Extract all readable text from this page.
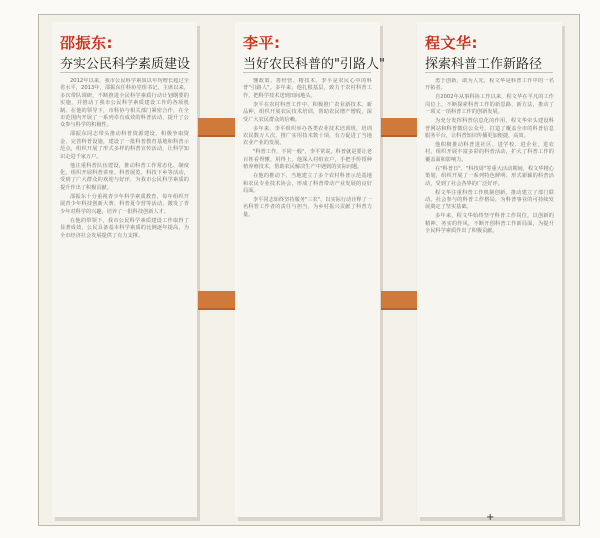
邵振东:
夯实公民科学素质建设

2012年以来，我市公民科学素质以年均增长超过全省水平，2013年，邵振东任科协党组书记，主席以来，多次带队调研，不断推进全民科学素质行动计划纲要的实施，并推动了我市公民科学素质建设工作的各项机制。在他的领导下，市科协与相关部门紧密合作，在全市范围内开展了一系列卓有成效的科普活动，提升了公众参与科学的积极性。

邵振东同志带头推动科普资源建设，积极争取资金，完善科普设施，建设了一批科普教育基地和科普示范点，组织开展了形式多样的科普宣传活动，让科学知识走进千家万户。

他注重科普队伍建设，推动科普工作常态化、制度化，组织开展科普讲座、科普展览、科技下乡等活动，受到了广大群众的欢迎与好评，为我市公民科学素质的提升作出了积极贡献。

邵振东十分重视青少年科学素质教育，每年组织开展青少年科技创新大赛、科普夏令营等活动，激发了青少年对科学的兴趣，培养了一批科技创新人才。

在他的带领下，我市公民科学素质建设工作取得了显著成效，公民具备基本科学素质的比例逐年提高，为全市经济社会发展提供了有力支撑。

李平:
当好农民科普的"引路人"

懂政策、善经营、精技术，李平是农民心中的科普"引路人"。多年来，他扎根基层，致力于农村科普工作，把科学技术送到田间地头。

李平在农村科普工作中，积极推广农业新技术、新品种，组织开展农民技术培训，帮助农民增产增收，深受广大农民群众的信赖。

多年来，李平组织举办各类农业技术培训班，培训农民数万人次，推广实用技术数十项，有力促进了当地农业产业的发展。

"科普工作，不同一般"，李平常说，科普就是要让老百姓看得懂、用得上。他深入村组农户，手把手传授种植养殖技术，帮助农民解决生产中遇到的实际问题。

在他的推动下，当地建立了多个农村科普示范基地和农民专业技术协会，形成了科普带动产业发展的良好局面。

李平同志始终坚持服务"三农"，以实际行动诠释了一名科普工作者的责任与担当，为乡村振兴贡献了科普力量。

程文华:
探索科普工作新路径

勇于创新，敢为人先，程文华是科普工作中的一名开拓者。

自2002年从事科协工作以来，程文华在平凡的工作岗位上，不断探索科普工作的新思路、新方法，推动了一项又一项科普工作的创新发展。

为充分发挥科普信息化的作用，程文华牵头建设科普网站和科普微信公众号，打造了覆盖全市的科普信息服务平台，让科普知识传播更加便捷、高效。

他积极推动科普进社区、进学校、进企业、进农村，组织开展丰富多彩的科普活动，扩大了科普工作的覆盖面和影响力。

在"科普日"、"科技周"等重大活动期间，程文华精心策划，组织开展了一系列特色鲜明、形式新颖的科普活动，受到了社会各界的广泛好评。

程文华注重科普工作机制创新，推动建立了部门联动、社会参与的科普工作格局，为科普事业的可持续发展奠定了坚实基础。

多年来，程文华始终坚守科普工作岗位，以创新的精神、务实的作风，不断开创科普工作新局面，为提升全民科学素质作出了积极贡献。

+
